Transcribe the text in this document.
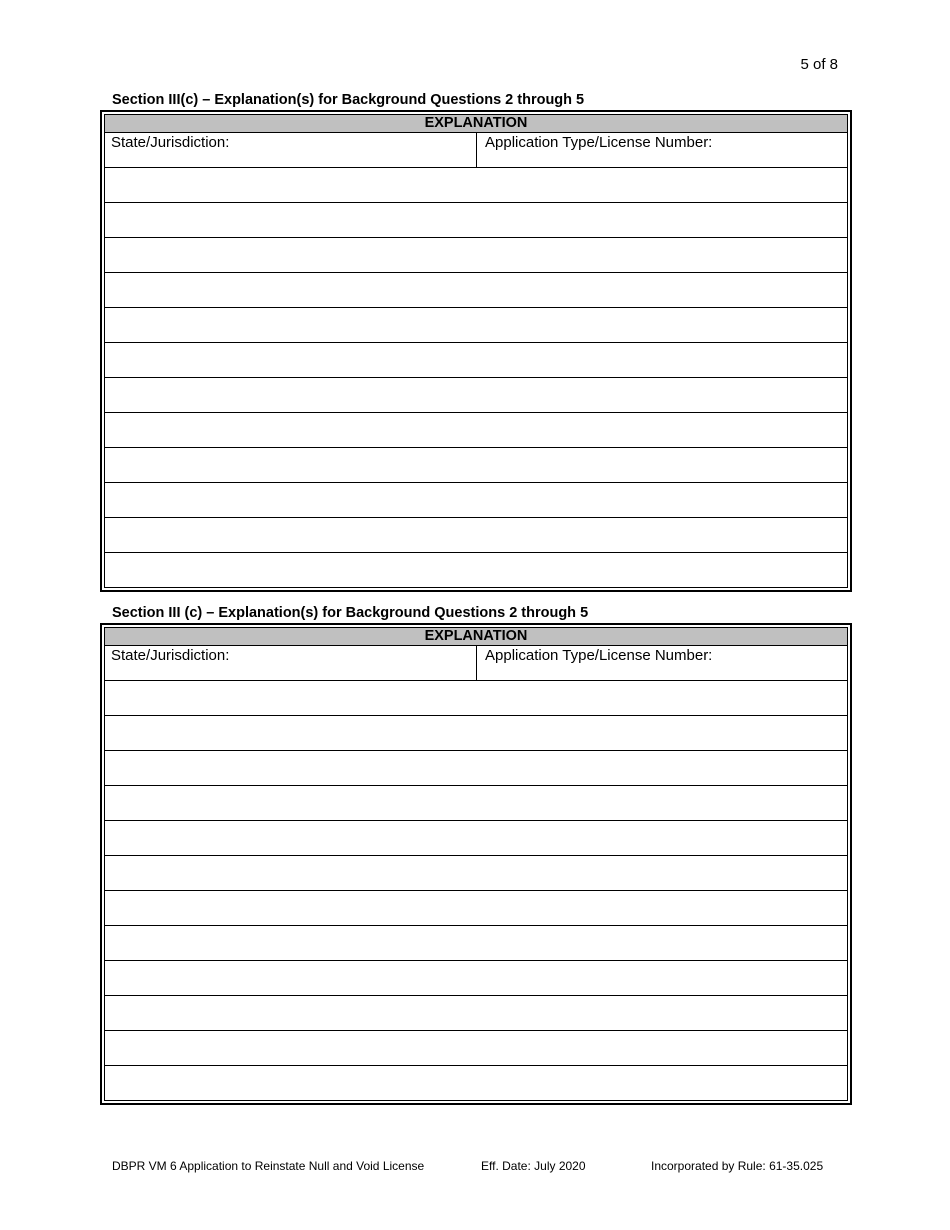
5 of 8
Section III(c) – Explanation(s) for Background Questions 2 through 5
EXPLANATION
State/Jurisdiction:	Application Type/License Number:
Section III (c) – Explanation(s) for Background Questions 2 through 5
EXPLANATION
State/Jurisdiction:	Application Type/License Number:
DBPR VM 6 Application to Reinstate Null and Void License	Eff. Date: July 2020	Incorporated by Rule: 61-35.025
